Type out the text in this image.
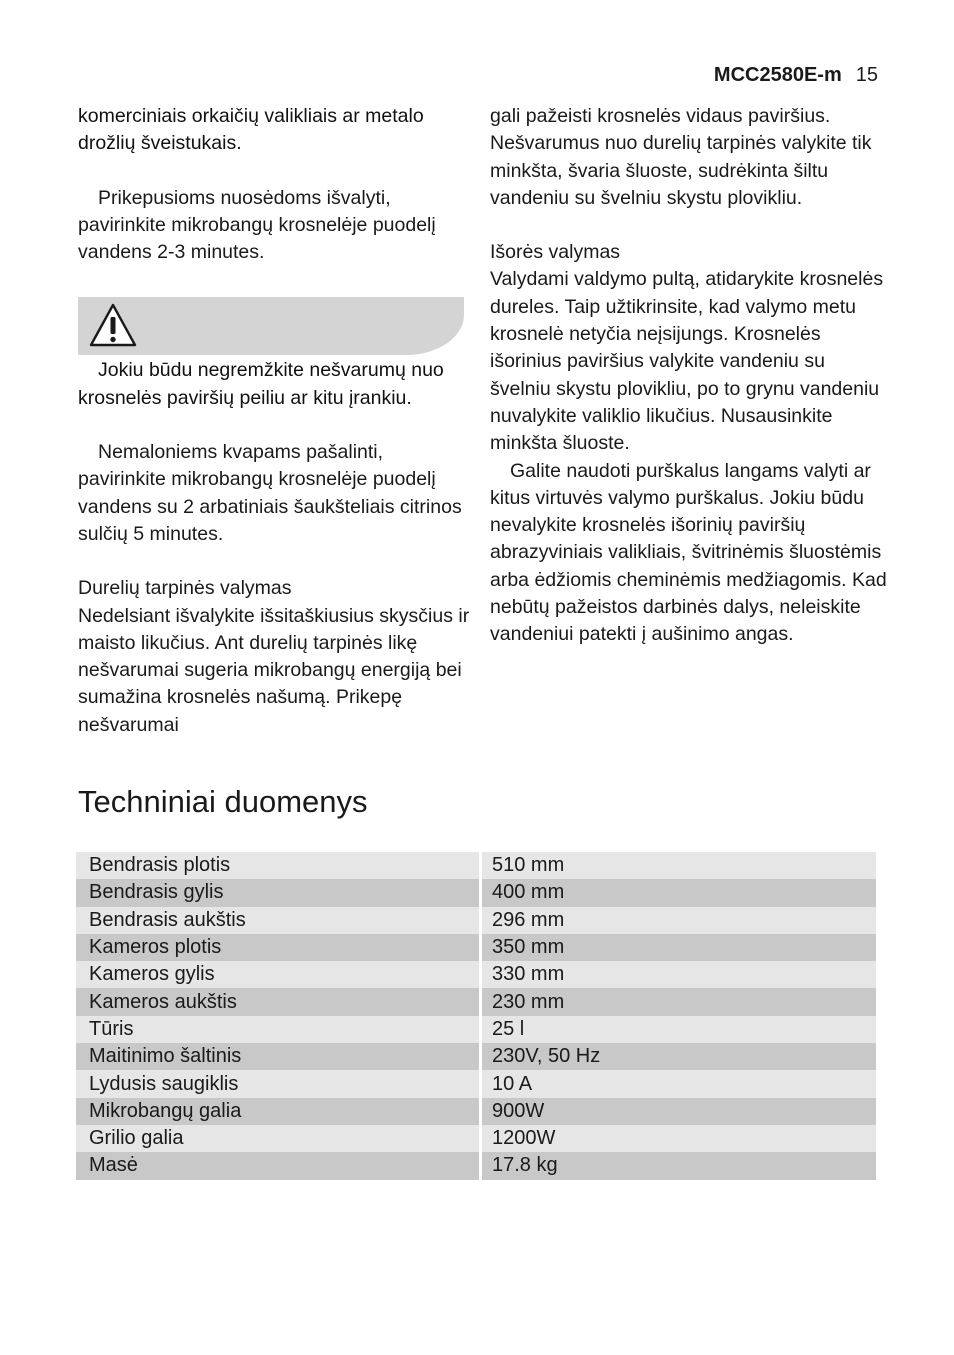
MCC2580E-m 15

komerciniais orkaičių valikliais ar metalo drožlių šveistukais.

Prikepusioms nuosėdoms išvalyti, pavirinkite mikrobangų krosnelėje puodelį vandens 2-3 minutes.

Jokiu būdu negremžkite nešvarumų nuo krosnelės paviršių peiliu ar kitu įrankiu.

Nemaloniems kvapams pašalinti, pavirinkite mikrobangų krosnelėje puodelį vandens su 2 arbatiniais šaukšteliais citrinos sulčių 5 minutes.

Durelių tarpinės valymas

Nedelsiant išvalykite išsitaškiusius skysčius ir maisto likučius. Ant durelių tarpinės likę nešvarumai sugeria mikrobangų energiją bei sumažina krosnelės našumą. Prikepę nešvarumai

gali pažeisti krosnelės vidaus paviršius. Nešvarumus nuo durelių tarpinės valykite tik minkšta, švaria šluoste, sudrėkinta šiltu vandeniu su švelniu skystu plovikliu.

Išorės valymas

Valydami valdymo pultą, atidarykite krosnelės dureles. Taip užtikrinsite, kad valymo metu krosnelė netyčia neįsijungs. Krosnelės išorinius paviršius valykite vandeniu su švelniu skystu plovikliu, po to grynu vandeniu nuvalykite valiklio likučius. Nusausinkite minkšta šluoste.

Galite naudoti purškalus langams valyti ar kitus virtuvės valymo purškalus. Jokiu būdu nevalykite krosnelės išorinių paviršių abrazyviniais valikliais, švitrinėmis šluostėmis arba ėdžiomis cheminėmis medžiagomis. Kad nebūtų pažeistos darbinės dalys, neleiskite vandeniui patekti į aušinimo angas.

Techniniai duomenys
Bendrasis plotis	510 mm
Bendrasis gylis	400 mm
Bendrasis aukštis	296 mm
Kameros plotis	350 mm
Kameros gylis	330 mm
Kameros aukštis	230 mm
Tūris	25 l
Maitinimo šaltinis	230V, 50 Hz
Lydusis saugiklis	10 A
Mikrobangų galia	900W
Grilio galia	1200W
Masė	17.8 kg
